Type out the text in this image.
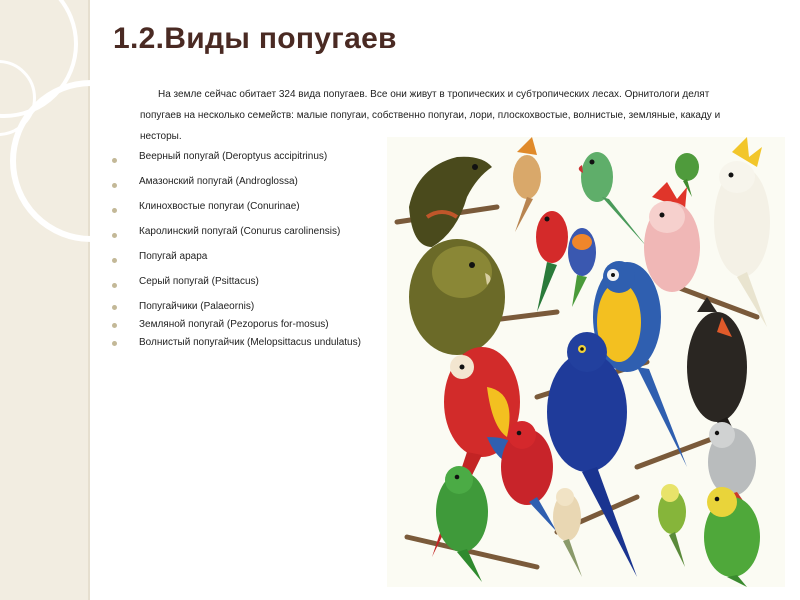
1.2.Виды попугаев

На земле сейчас обитает 324 вида попугаев. Все они живут в тропических и субтропических лесах. Орнитологи делят попугаев на несколько семейств: малые попугаи, собственно попугаи, лори, плоскохвостые, волнистые, земляные, какаду и несторы.

Веерный попугай (Deroptyus accipitrinus)
Амазонский попугай (Androglossa)
Клинохвостые попугаи (Conurinae)
Каролинский попугай (Conurus carolinensis)
Попугай арара
Серый попугай (Psittacus)
Попугайчики (Palaeornis)
Земляной попугай (Pezoporus for-mosus)
Волнистый попугайчик (Melopsittacus undulatus)
